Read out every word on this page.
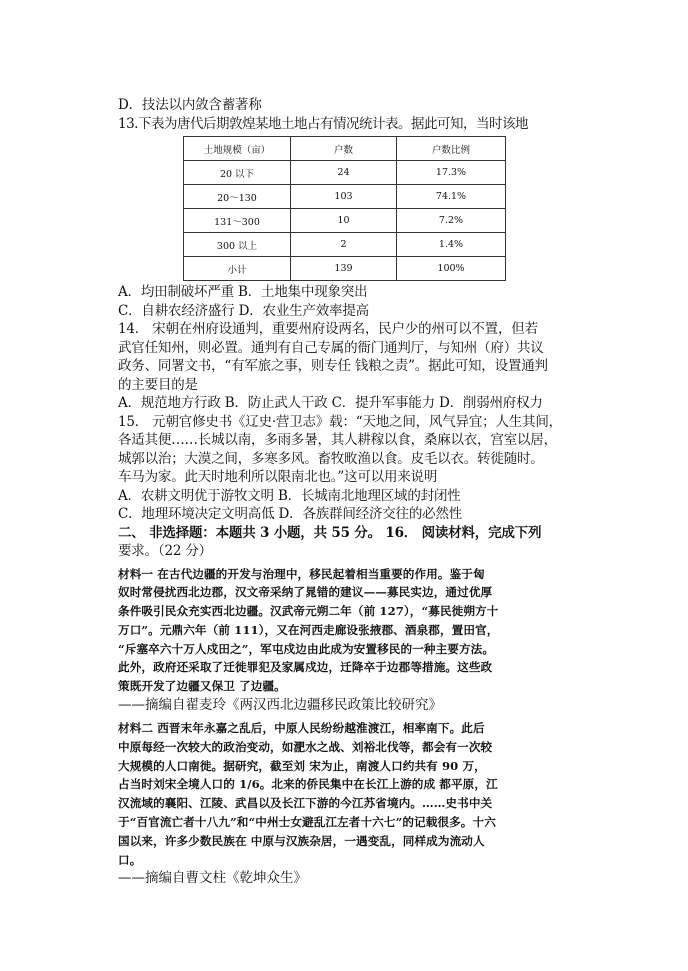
D．技法以内敛含蓄著称
13.下表为唐代后期敦煌某地土地占有情况统计表。据此可知，当时该地
土地规模（亩）	户数	户数比例
20 以下	24	17.3%
20～130	103	74.1%
131～300	10	7.2%
300 以上	2	1.4%
小计	139	100%
A．均田制破坏严重 B．土地集中现象突出
C．自耕农经济盛行 D．农业生产效率提高
14． 宋朝在州府设通判，重要州府设两名，民户少的州可以不置，但若
武官任知州，则必置。通判有自己专属的衙门通判厅，与知州（府）共议
政务、同署文书，“有军旅之事，则专任 钱粮之责”。据此可知，设置通判
的主要目的是
A．规范地方行政 B．防止武人干政 C．提升军事能力 D．削弱州府权力
15． 元朝官修史书《辽史·营卫志》载：“天地之间，风气异宜；人生其间，
各适其便……长城以南，多雨多暑，其人耕稼以食，桑麻以衣，宫室以居，
城郭以治；大漠之间，多寒多风。畜牧畋渔以食。皮毛以衣。转徙随时。
车马为家。此天时地利所以限南北也。”这可以用来说明
A．农耕文明优于游牧文明 B．长城南北地理区域的封闭性
C．地理环境决定文明高低 D．各族群间经济交往的必然性
二、 非选择题：本题共 3 小题，共 55 分。 16． 阅读材料，完成下列
要求。（22 分）
材料一 在古代边疆的开发与治理中，移民起着相当重要的作用。鉴于匈
奴时常侵扰西北边郡，汉文帝采纳了晁错的建议——募民实边，通过优厚
条件吸引民众充实西北边疆。汉武帝元朔二年（前 127），“募民徙朔方十
万口”。元鼎六年（前 111），又在河西走廊设张掖郡、酒泉郡，置田官，
“斥塞卒六十万人戍田之”，军屯戍边由此成为安置移民的一种主要方法。
此外，政府还采取了迁徙罪犯及家属戍边，迁降卒于边郡等措施。这些政
策既开发了边疆又保卫 了边疆。
——摘编自翟麦玲《两汉西北边疆移民政策比较研究》
材料二 西晋末年永嘉之乱后，中原人民纷纷越淮渡江，相率南下。此后
中原每经一次较大的政治变动，如淝水之战、刘裕北伐等，都会有一次较
大规模的人口南徙。据研究，截至刘 宋为止，南渡人口约共有 90 万，
占当时刘宋全境人口的 1/6。北来的侨民集中在长江上游的成 都平原，江
汉流域的襄阳、江陵、武昌以及长江下游的今江苏省境内。……史书中关
于“百官流亡者十八九”和“中州士女避乱江左者十六七”的记载很多。十六
国以来，许多少数民族在 中原与汉族杂居，一遇变乱，同样成为流动人
口。
——摘编自曹文柱《乾坤众生》
